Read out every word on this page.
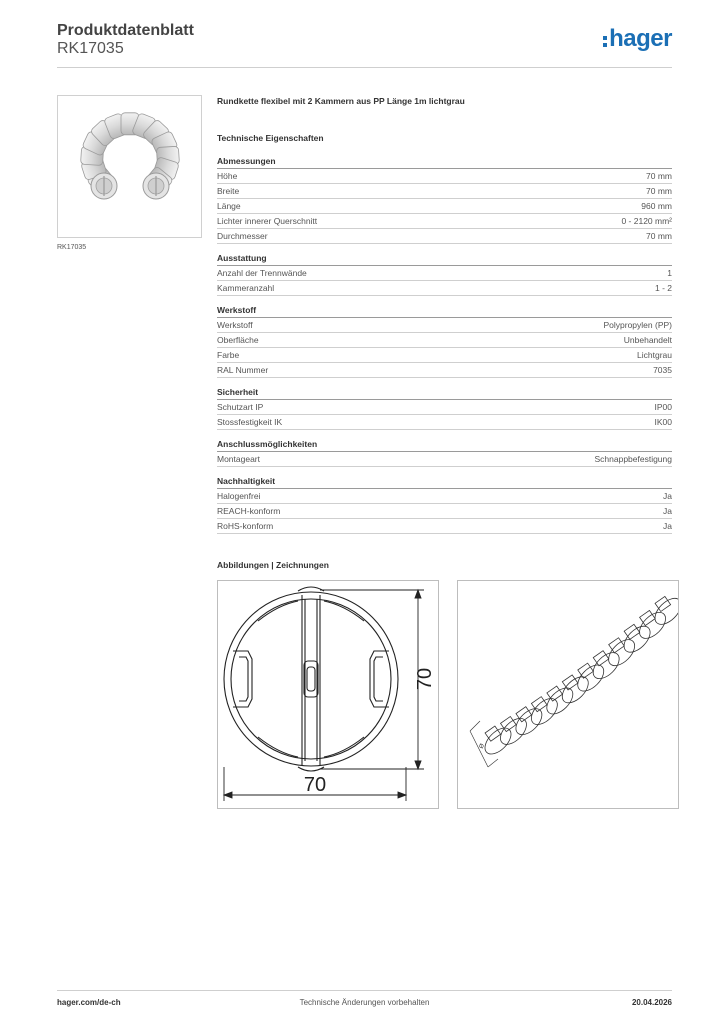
Produktdatenblatt
RK17035	hager
RK17035
Rundkette flexibel mit 2 Kammern aus PP Länge 1m lichtgrau
Technische Eigenschaften
Abmessungen
Höhe	70 mm
Breite	70 mm
Länge	960 mm
Lichter innerer Querschnitt	0 - 2120 mm²
Durchmesser	70 mm
Ausstattung
Anzahl der Trennwände	1
Kammeranzahl	1 - 2
Werkstoff
Werkstoff	Polypropylen (PP)
Oberfläche	Unbehandelt
Farbe	Lichtgrau
RAL Nummer	7035
Sicherheit
Schutzart IP	IP00
Stossfestigkeit IK	IK00
Anschlussmöglichkeiten
Montageart	Schnappbefestigung
Nachhaltigkeit
Halogenfrei	Ja
REACH-konform	Ja
RoHS-konform	Ja
Abbildungen | Zeichnungen
70
70
Ø
hager.com/de-ch	Technische Änderungen vorbehalten	20.04.2026
